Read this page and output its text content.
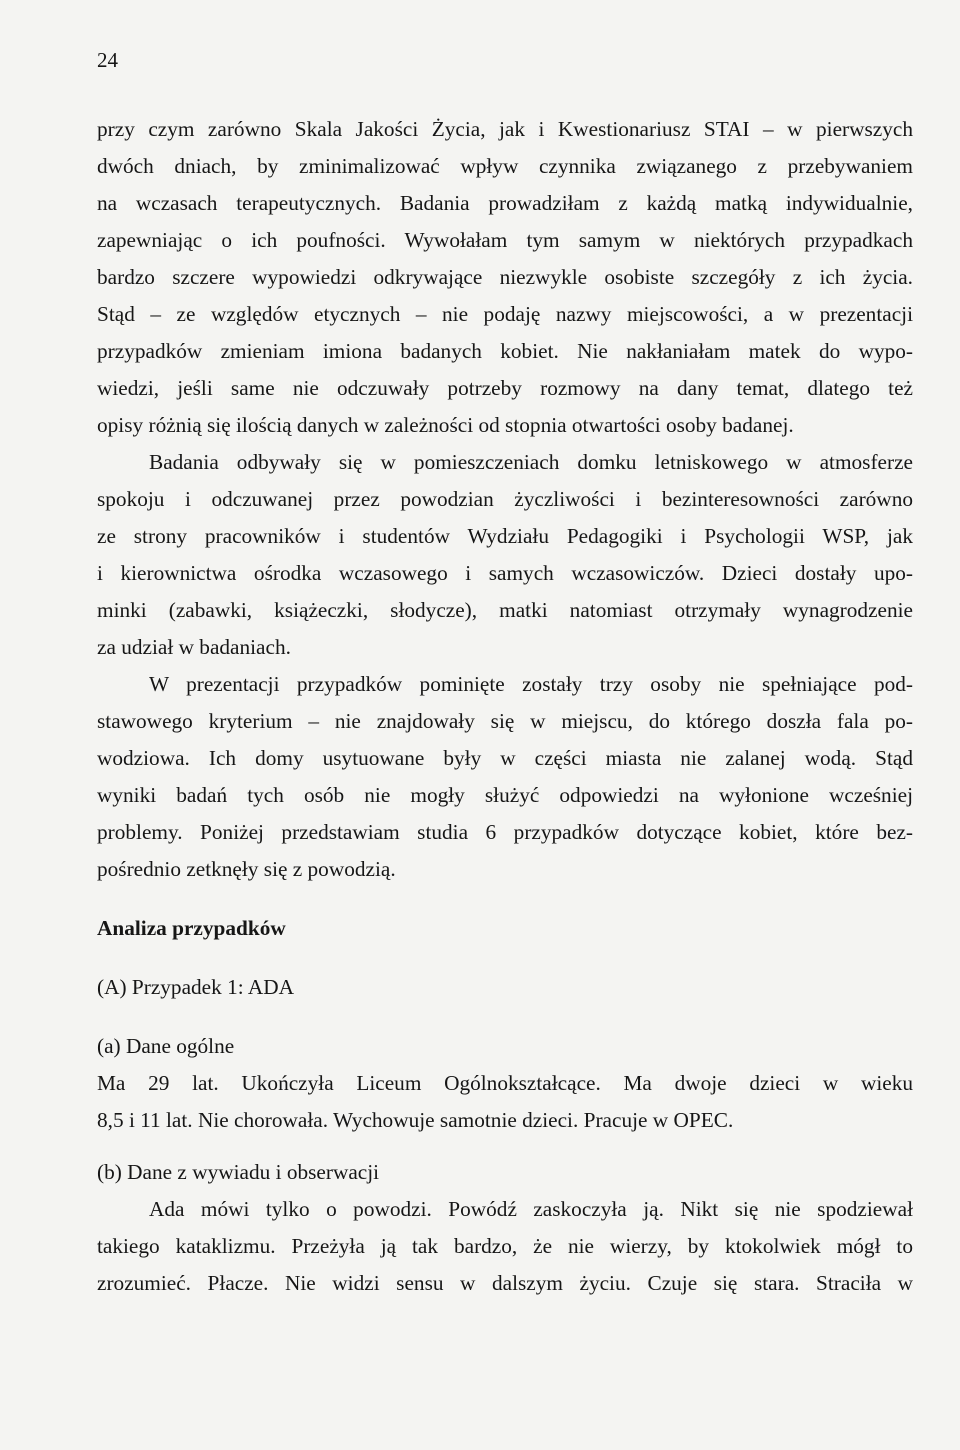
24
przy czym zarówno Skala Jakości Życia, jak i Kwestionariusz STAI – w pierwszych
dwóch dniach, by zminimalizować wpływ czynnika związanego z przebywaniem
na wczasach terapeutycznych. Badania prowadziłam z każdą matką indywidualnie,
zapewniając o ich poufności. Wywołałam tym samym w niektórych przypadkach
bardzo szczere wypowiedzi odkrywające niezwykle osobiste szczegóły z ich życia.
Stąd – ze względów etycznych – nie podaję nazwy miejscowości, a w prezentacji
przypadków zmieniam imiona badanych kobiet. Nie nakłaniałam matek do wypo-
wiedzi, jeśli same nie odczuwały potrzeby rozmowy na dany temat, dlatego też
opisy różnią się ilością danych w zależności od stopnia otwartości osoby badanej.
Badania odbywały się w pomieszczeniach domku letniskowego w atmosferze
spokoju i odczuwanej przez powodzian życzliwości i bezinteresowności zarówno
ze strony pracowników i studentów Wydziału Pedagogiki i Psychologii WSP, jak
i kierownictwa ośrodka wczasowego i samych wczasowiczów. Dzieci dostały upo-
minki (zabawki, książeczki, słodycze), matki natomiast otrzymały wynagrodzenie
za udział w badaniach.
W prezentacji przypadków pominięte zostały trzy osoby nie spełniające pod-
stawowego kryterium – nie znajdowały się w miejscu, do którego doszła fala po-
wodziowa. Ich domy usytuowane były w części miasta nie zalanej wodą. Stąd
wyniki badań tych osób nie mogły służyć odpowiedzi na wyłonione wcześniej
problemy. Poniżej przedstawiam studia 6 przypadków dotyczące kobiet, które bez-
pośrednio zetknęły się z powodzią.
Analiza przypadków
(A) Przypadek 1: ADA
(a) Dane ogólne
Ma 29 lat. Ukończyła Liceum Ogólnokształcące. Ma dwoje dzieci w wieku
8,5 i 11 lat. Nie chorowała. Wychowuje samotnie dzieci. Pracuje w OPEC.
(b) Dane z wywiadu i obserwacji
Ada mówi tylko o powodzi. Powódź zaskoczyła ją. Nikt się nie spodziewał
takiego kataklizmu. Przeżyła ją tak bardzo, że nie wierzy, by ktokolwiek mógł to
zrozumieć. Płacze. Nie widzi sensu w dalszym życiu. Czuje się stara. Straciła w
